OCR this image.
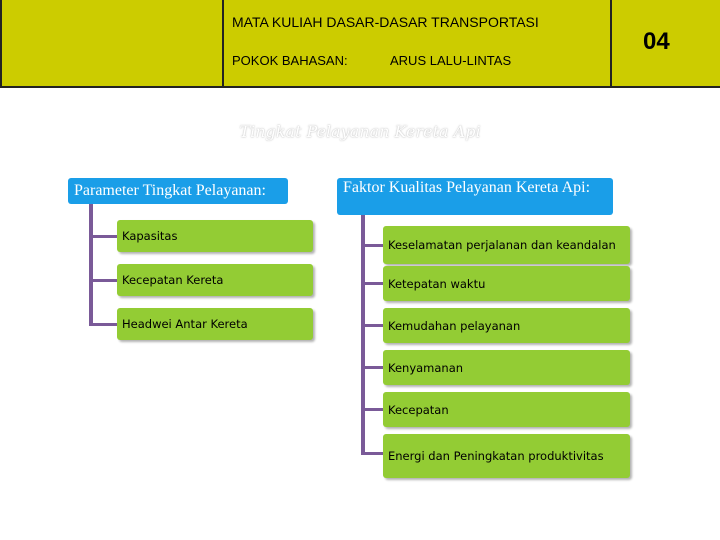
MATA KULIAH DASAR-DASAR TRANSPORTASI
POKOK BAHASAN:	ARUS LALU-LINTAS
04
Tingkat Pelayanan Kereta Api
Parameter Tingkat Pelayanan:
Kapasitas
Kecepatan Kereta
Headwei Antar Kereta
Faktor Kualitas Pelayanan Kereta Api:
Keselamatan perjalanan dan keandalan
Ketepatan waktu
Kemudahan pelayanan
Kenyamanan
Kecepatan
Energi dan Peningkatan produktivitas
